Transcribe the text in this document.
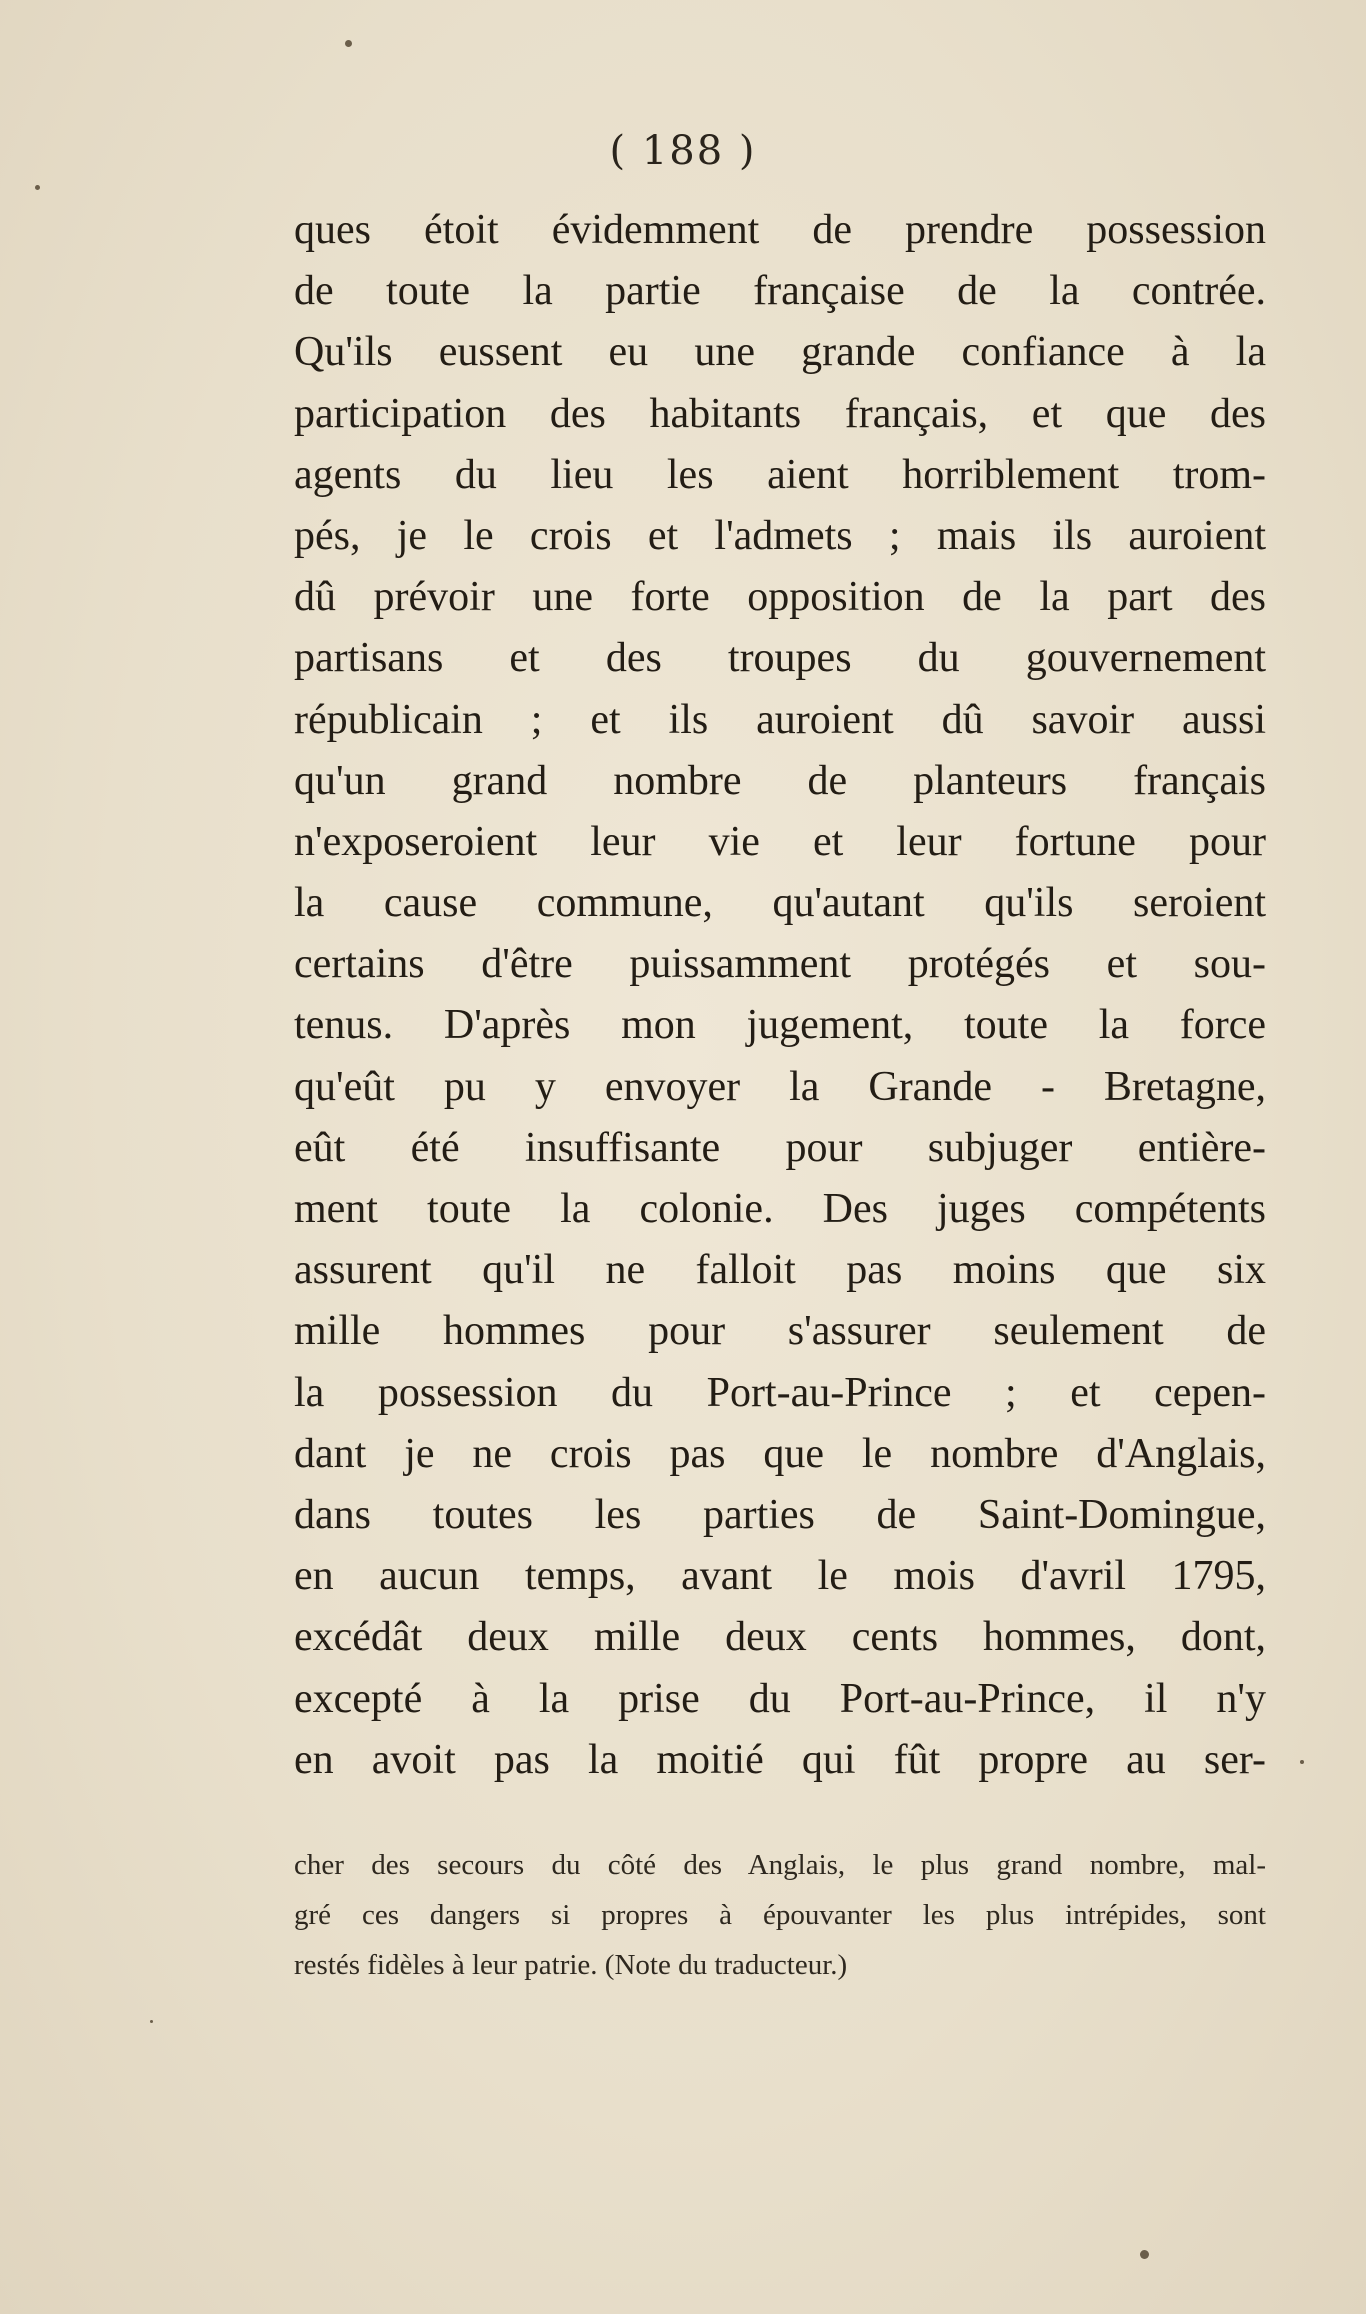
( 188 )
ques étoit évidemment de prendre possession
de toute la partie française de la contrée.
Qu'ils eussent eu une grande confiance à la
participation des habitants français, et que des
agents du lieu les aient horriblement trom-
pés, je le crois et l'admets ; mais ils auroient
dû prévoir une forte opposition de la part des
partisans et des troupes du gouvernement
républicain ; et ils auroient dû savoir aussi
qu'un grand nombre de planteurs français
n'exposeroient leur vie et leur fortune pour
la cause commune, qu'autant qu'ils seroient
certains d'être puissamment protégés et sou-
tenus. D'après mon jugement, toute la force
qu'eût pu y envoyer la Grande - Bretagne,
eût été insuffisante pour subjuger entière-
ment toute la colonie. Des juges compétents
assurent qu'il ne falloit pas moins que six
mille hommes pour s'assurer seulement de
la possession du Port-au-Prince ; et cepen-
dant je ne crois pas que le nombre d'Anglais,
dans toutes les parties de Saint-Domingue,
en aucun temps, avant le mois d'avril 1795,
excédât deux mille deux cents hommes, dont,
excepté à la prise du Port-au-Prince, il n'y
en avoit pas la moitié qui fût propre au ser-
cher des secours du côté des Anglais, le plus grand nombre, mal-
gré ces dangers si propres à épouvanter les plus intrépides, sont
restés fidèles à leur patrie. (Note du traducteur.)
